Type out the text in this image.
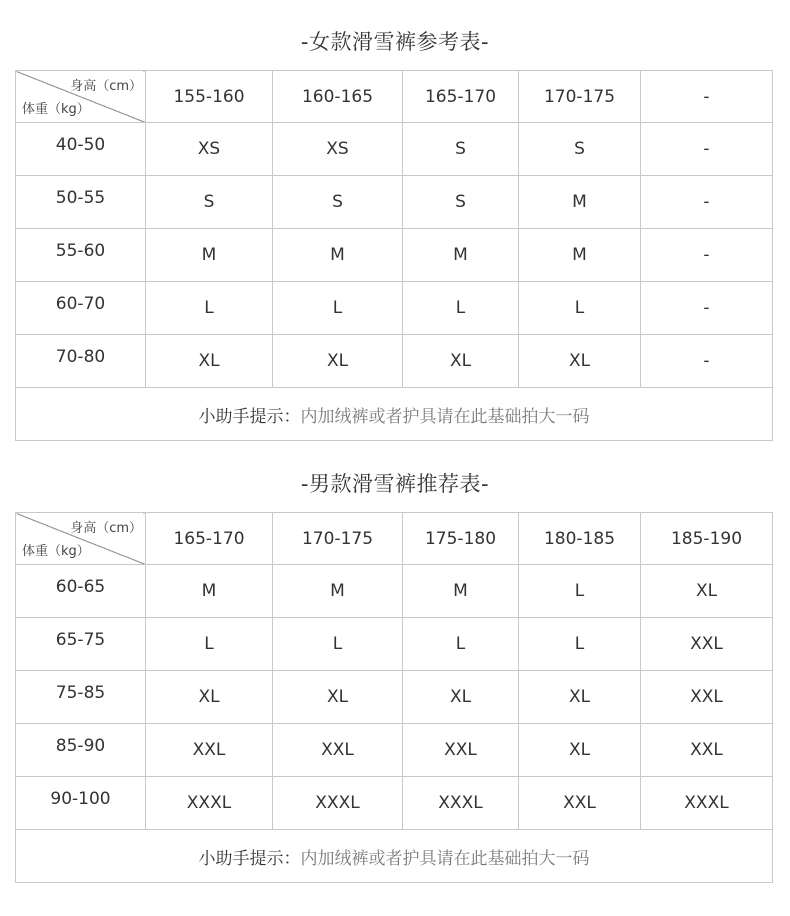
-女款滑雪裤参考表-
身高（cm）
体重（kg）	155-160	160-165	165-170	170-175	-
40-50	XS	XS	S	S	-
50-55	S	S	S	M	-
55-60	M	M	M	M	-
60-70	L	L	L	L	-
70-80	XL	XL	XL	XL	-
小助手提示：内加绒裤或者护具请在此基础拍大一码					
-男款滑雪裤推荐表-
身高（cm）
体重（kg）	165-170	170-175	175-180	180-185	185-190
60-65	M	M	M	L	XL
65-75	L	L	L	L	XXL
75-85	XL	XL	XL	XL	XXL
85-90	XXL	XXL	XXL	XL	XXL
90-100	XXXL	XXXL	XXXL	XXL	XXXL
小助手提示：内加绒裤或者护具请在此基础拍大一码					
